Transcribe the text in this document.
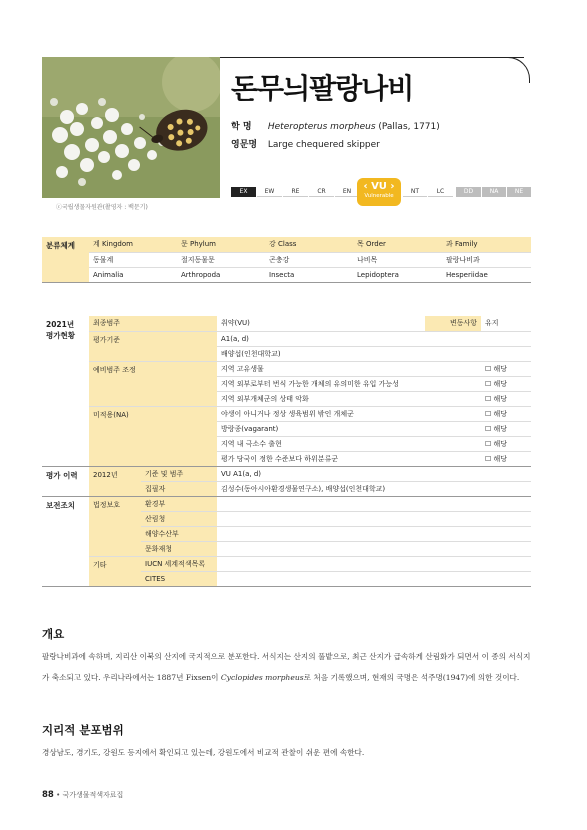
ⓒ국립생물자원관(촬영자 : 백문기)
돈무늬팔랑나비
학 명 Heteropterus morpheus (Pallas, 1771)
영문명 Large chequered skipper
EX	EW	RE	CR	EN	NT	LC	DD	NA	NE
‹ VU ›
Vulnerable
분류체계	계 Kingdom	문 Phylum	강 Class	목 Order	과 Family
	동물계	절지동물문	곤충강	나비목	팔랑나비과
	Animalia	Arthropoda	Insecta	Lepidoptera	Hesperiidae
2021년
평가현황	최종범주		취약(VU)	변동사항	유지
	평가기준		A1(a, d)		
			배양섭(인천대학교)		
	예비범주 조정		지역 고유생물		☐ 해당
			지역 외부로부터 번식 가능한 개체의 유의미한 유입 가능성		☐ 해당
			지역 외부개체군의 상태 악화		☐ 해당
	미적용(NA)		야생이 아니거나 정상 생육범위 밖인 개체군		☐ 해당
			방랑종(vagarant)		☐ 해당
			지역 내 극소수 출현		☐ 해당
			평가 당국이 정한 수준보다 하위분류군		☐ 해당
평가 이력	2012년	기준 및 범주	VU A1(a, d)		
		집필자	김성수(동아시아환경생물연구소), 배양섭(인천대학교)		
보전조치	법정보호	환경부			
		산림청			
		해양수산부			
		문화재청			
	기타	IUCN 세계적색목록			
		CITES			
개요

팔랑나비과에 속하며, 지리산 이북의 산지에 국지적으로 분포한다. 서식지는 산지의 풀밭으로, 최근 산지가 급속하게 산림화가 되면서 이 종의 서식지가 축소되고 있다. 우리나라에서는 1887년 Fixsen이 Cyclopides morpheus로 처음 기록했으며, 현재의 국명은 석주명(1947)에 의한 것이다.

지리적 분포범위

경상남도, 경기도, 강원도 등지에서 확인되고 있는데, 강원도에서 비교적 관찰이 쉬운 편에 속한다.

88 • 국가생물적색자료집
